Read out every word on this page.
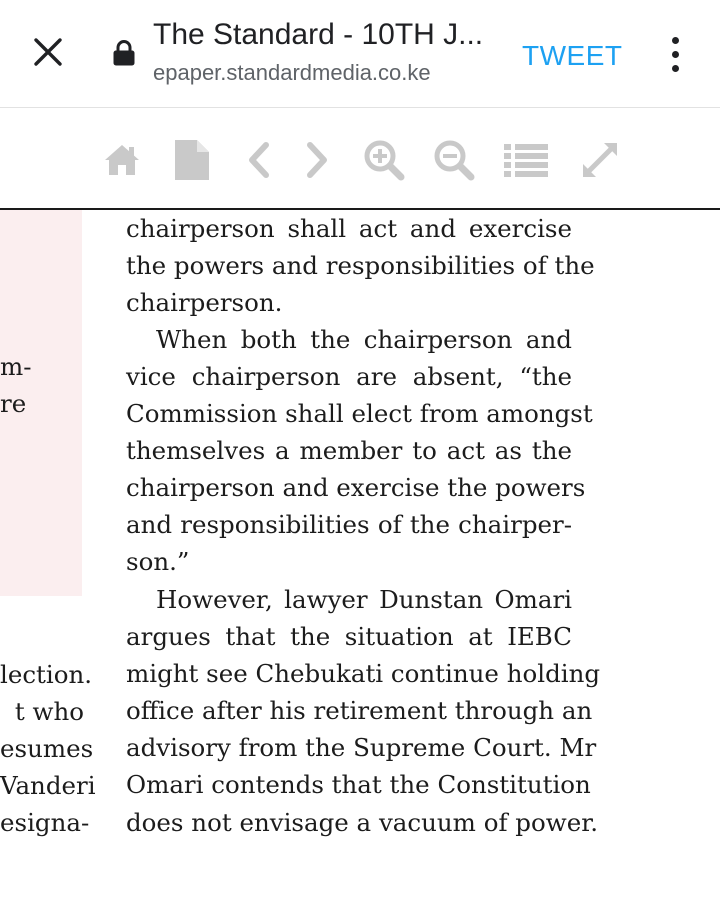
The Standard - 10TH J...
epaper.standardmedia.co.ke
TWEET
m-
re
lection.
t who
esumes
Vanderi
esigna-
chairperson shall act and exercise
the powers and responsibilities of the
chairperson.
When both the chairperson and
vice chairperson are absent, “the
Commission shall elect from amongst
themselves a member to act as the
chairperson and exercise the powers
and responsibilities of the chairper-
son.”
However, lawyer Dunstan Omari
argues that the situation at IEBC
might see Chebukati continue holding
office after his retirement through an
advisory from the Supreme Court. Mr
Omari contends that the Constitution
does not envisage a vacuum of power.
